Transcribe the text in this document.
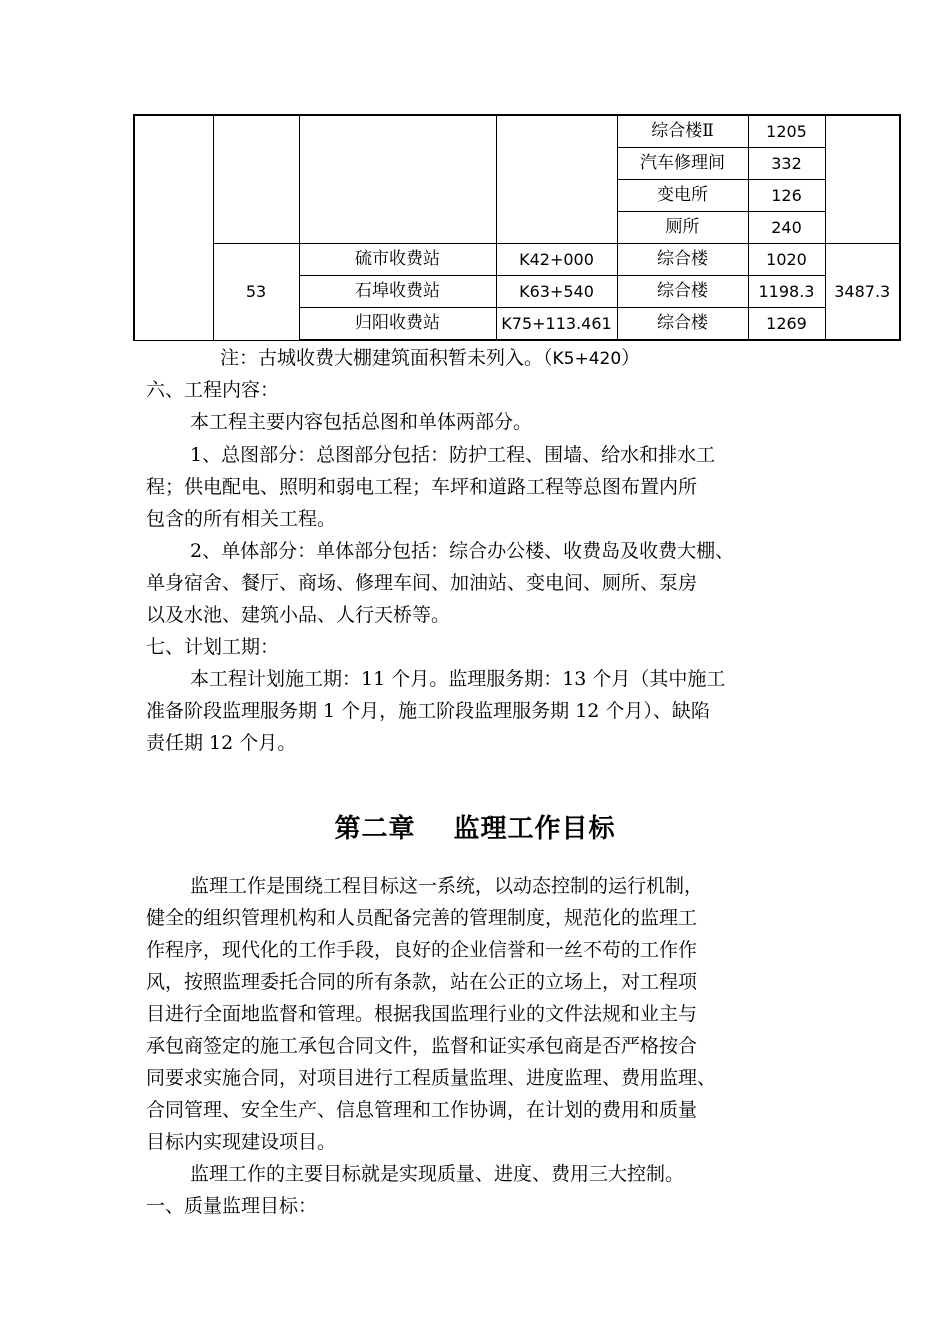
				综合楼Ⅱ	1205	
				汽车修理间	332	
				变电所	126	
				厕所	240	
	53	硫市收费站	K42+000	综合楼	1020	3487.3
		石埠收费站	K63+540	综合楼	1198.3	
		归阳收费站	K75+113.461	综合楼	1269	
注：古城收费大棚建筑面积暂未列入。（K5+420）
六、工程内容：
本工程主要内容包括总图和单体两部分。
1、总图部分：总图部分包括：防护工程、围墙、给水和排水工
程；供电配电、照明和弱电工程；车坪和道路工程等总图布置内所
包含的所有相关工程。
2、单体部分：单体部分包括：综合办公楼、收费岛及收费大棚、
单身宿舍、餐厅、商场、修理车间、加油站、变电间、厕所、泵房
以及水池、建筑小品、人行天桥等。
七、计划工期：
本工程计划施工期：11 个月。监理服务期：13 个月（其中施工
准备阶段监理服务期 1 个月，施工阶段监理服务期 12 个月）、缺陷
责任期 12 个月。
第二章 监理工作目标
监理工作是围绕工程目标这一系统，以动态控制的运行机制，
健全的组织管理机构和人员配备完善的管理制度，规范化的监理工
作程序，现代化的工作手段，良好的企业信誉和一丝不苟的工作作
风，按照监理委托合同的所有条款，站在公正的立场上，对工程项
目进行全面地监督和管理。根据我国监理行业的文件法规和业主与
承包商签定的施工承包合同文件，监督和证实承包商是否严格按合
同要求实施合同，对项目进行工程质量监理、进度监理、费用监理、
合同管理、安全生产、信息管理和工作协调，在计划的费用和质量
目标内实现建设项目。
监理工作的主要目标就是实现质量、进度、费用三大控制。
一、质量监理目标：
